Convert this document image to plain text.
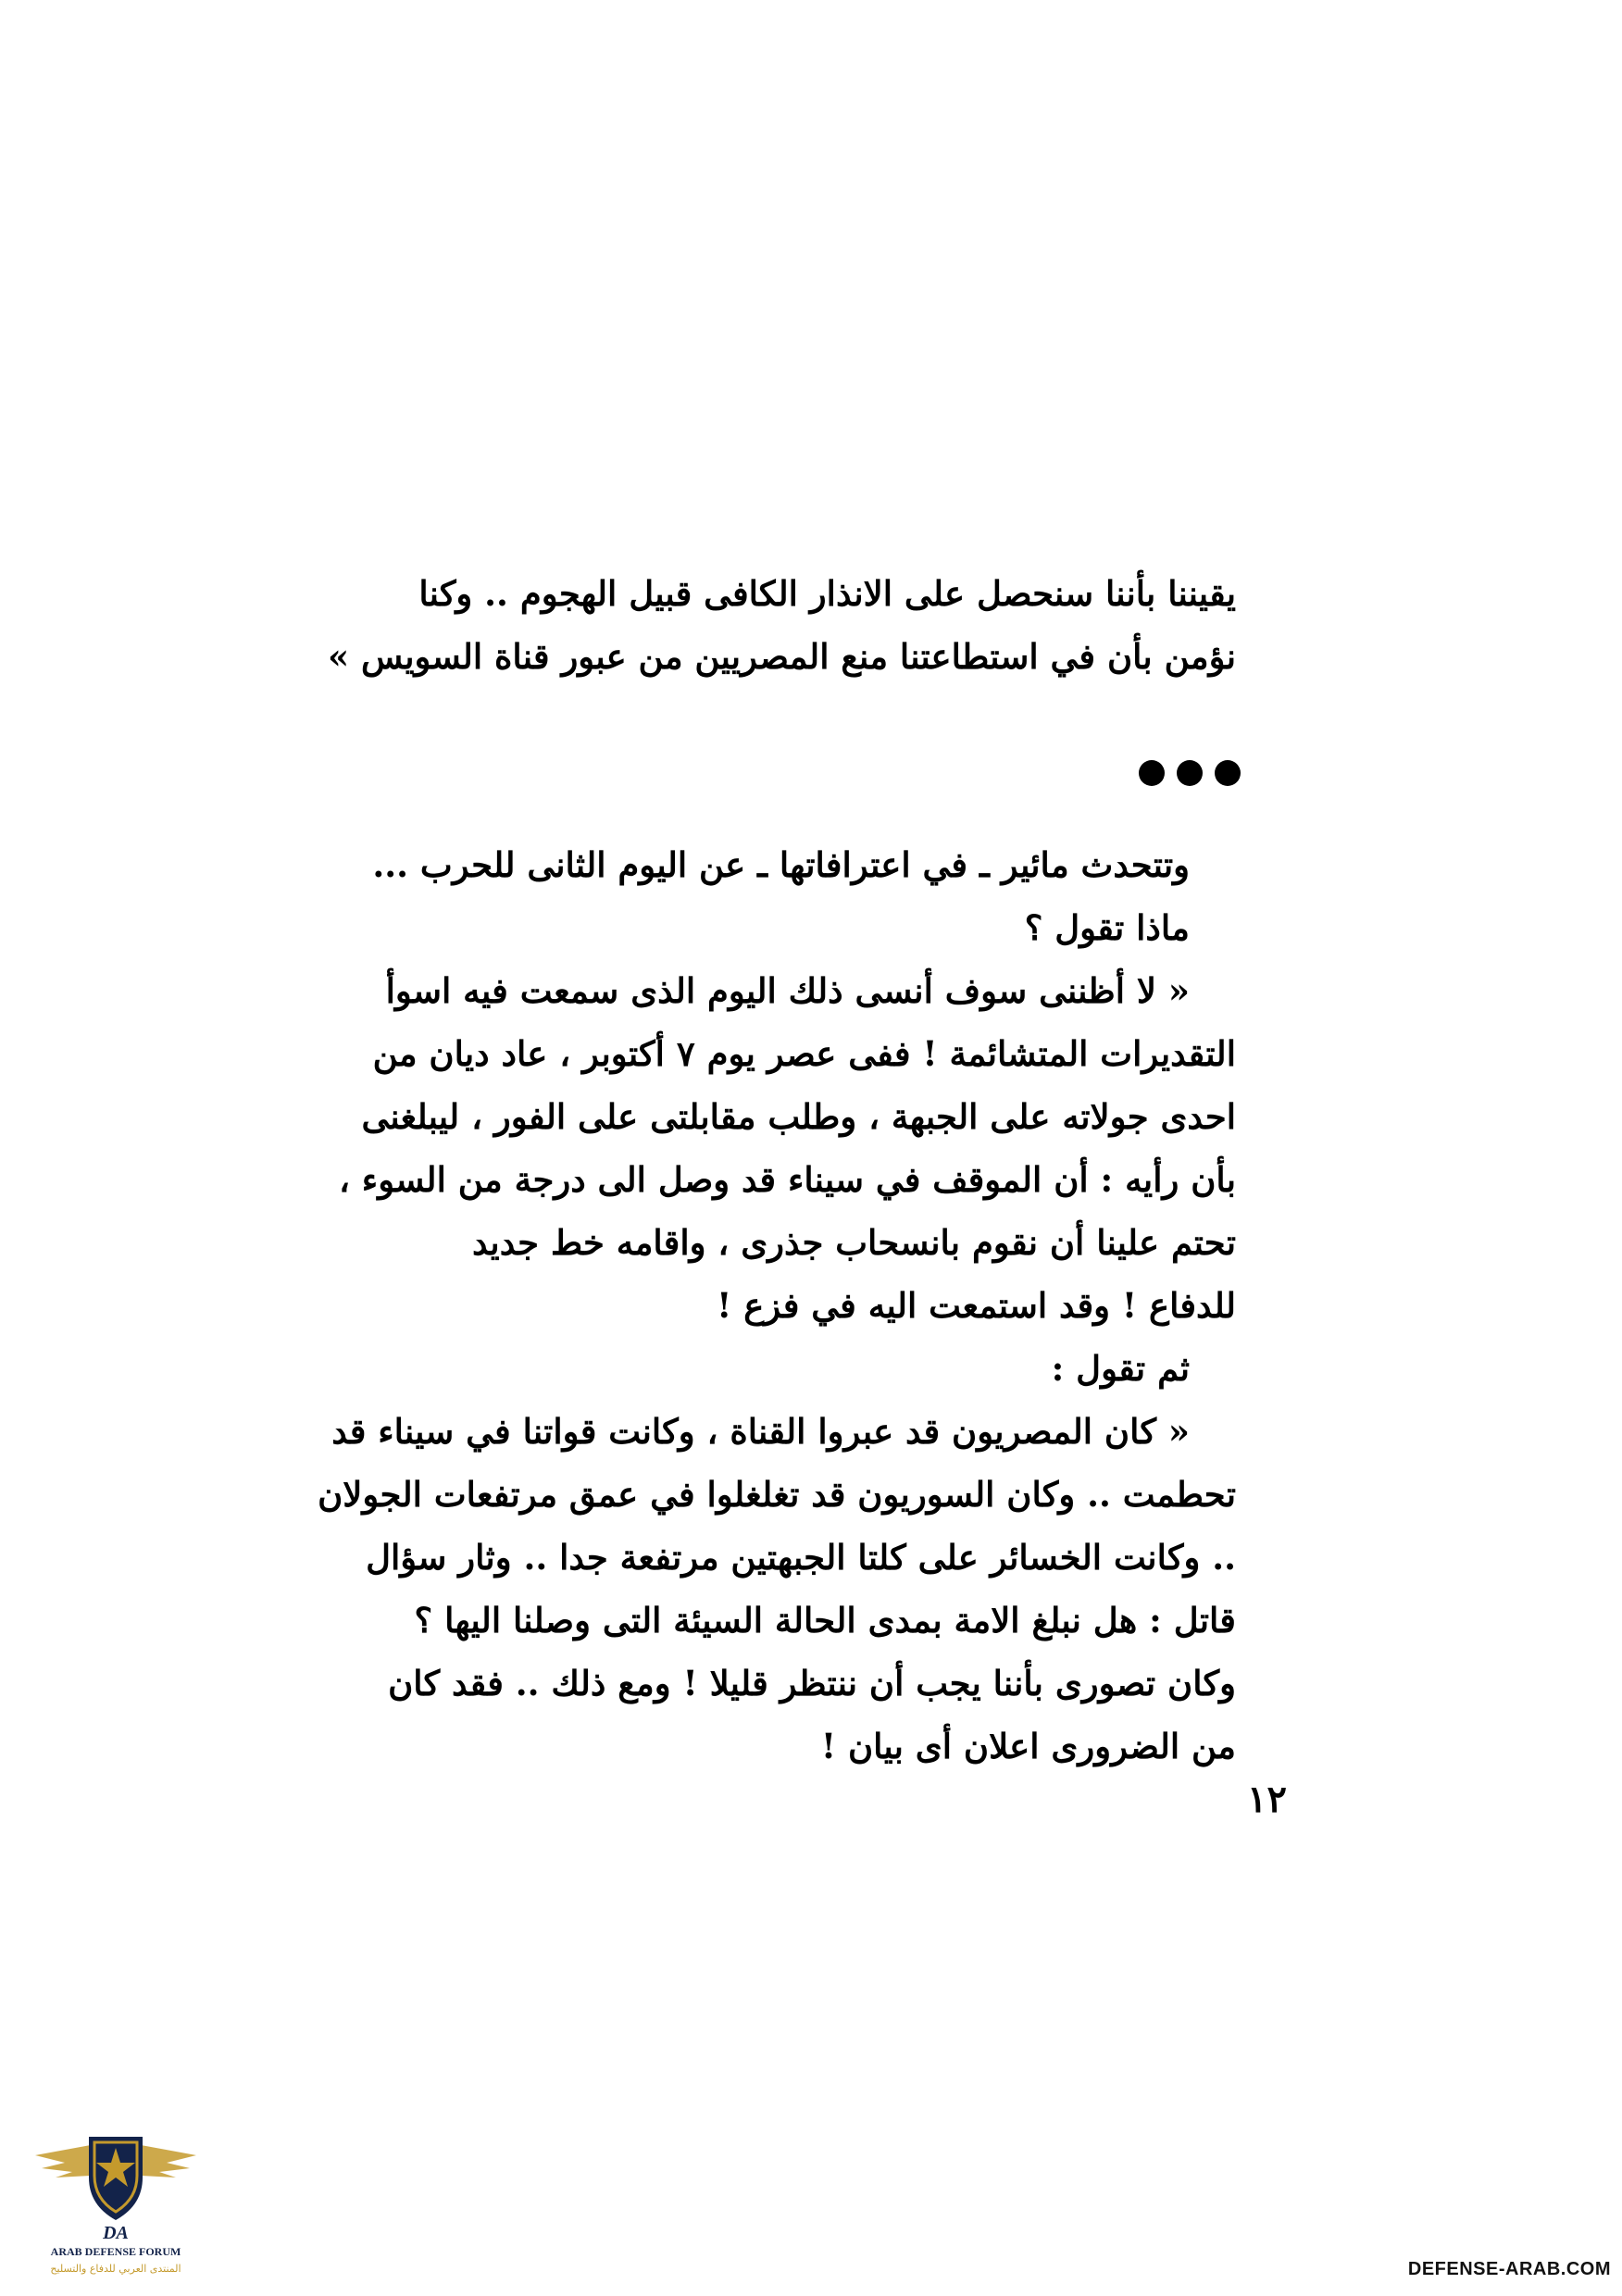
يقيننا بأننا سنحصل على الانذار الكافى قبيل الهجوم .. وكنا

نؤمن بأن في استطاعتنا منع المصريين من عبور قناة السويس »

وتتحدث مائير ـ في اعترافاتها ـ عن اليوم الثانى للحرب ...

ماذا تقول ؟

« لا أظننى سوف أنسى ذلك اليوم الذى سمعت فيه اسوأ

التقديرات المتشائمة ! ففى عصر يوم ٧ أكتوبر ، عاد ديان من

احدى جولاته على الجبهة ، وطلب مقابلتى على الفور ، ليبلغنى

بأن رأيه : أن الموقف في سيناء قد وصل الى درجة من السوء ،

تحتم علينا أن نقوم بانسحاب جذرى ، واقامه خط جديد

للدفاع ! وقد استمعت اليه في فزع !

ثم تقول :

« كان المصريون قد عبروا القناة ، وكانت قواتنا في سيناء قد

تحطمت .. وكان السوريون قد تغلغلوا في عمق مرتفعات الجولان

.. وكانت الخسائر على كلتا الجبهتين مرتفعة جدا .. وثار سؤال

قاتل : هل نبلغ الامة بمدى الحالة السيئة التى وصلنا اليها ؟

وكان تصورى بأننا يجب أن ننتظر قليلا ! ومع ذلك .. فقد كان

من الضرورى اعلان أى بيان !

١٢
DA
ARAB DEFENSE FORUM
المنتدى العربي للدفاع والتسليح	DEFENSE-ARAB.COM
